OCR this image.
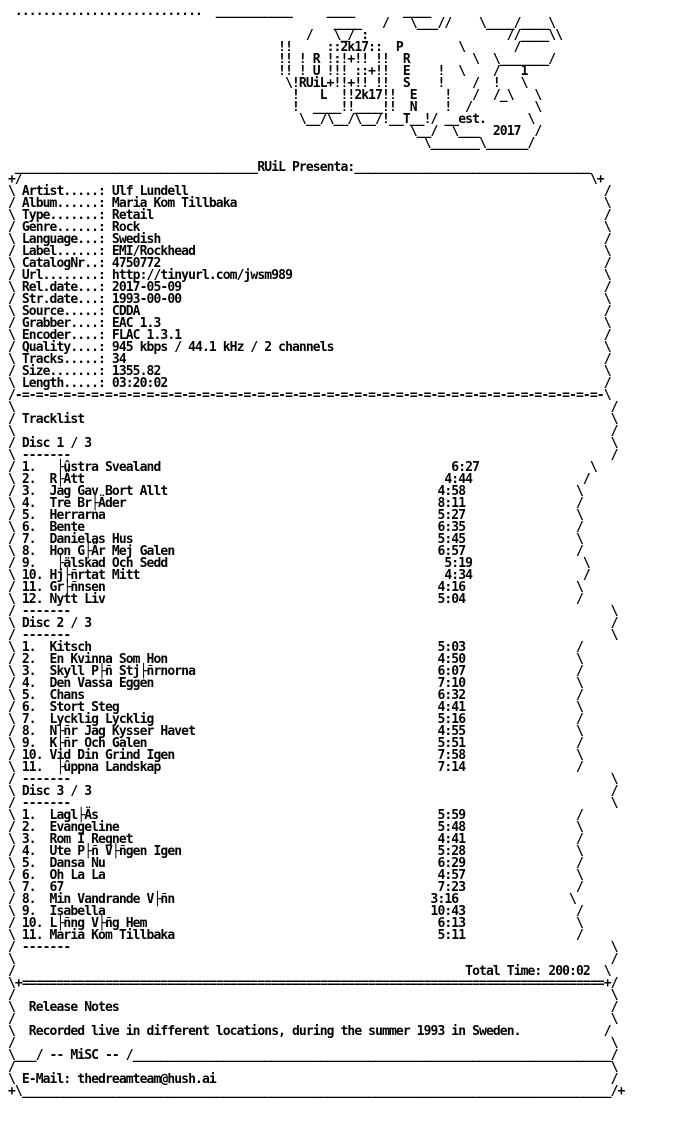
...........................  ___________     ____       ____
____   /   \___//    \____/____\
/   \_/ :                    //____\\
!!     ::2k17::  P        \       /
!! ! R !:!+!! !!  R         \  \_______/
!! ! U !!! ::+!!  E    !  \    /   1
\!RUiL+!!+!! !!  S    !    /  !   \
!   L  !!2k17!!  E    !   /  /_\   \
!  ____!!____!!  N    !  /         \
\__/\__/\__/!__T__!/ __est.      \
\__/  \___  2017  /
\_______\______/

___________________________________RUiL Presenta:__________________________________
+/                                                                                  \+
\ Artist.....: Ulf Lundell                                                            /
/ Album......: Maria Kom Tillbaka                                                     \
\ Type.......: Retail                                                                 /
/ Genre......: Rock                                                                   \
\ Language...: Swedish                                                                /
/ Label......: EMI/Rockhead                                                           \
\ CatalogNr..: 4750772                                                                /
/ Url........: http://tinyurl.com/jwsm989                                             \
\ Rel.date...: 2017-05-09                                                             /
/ Str.date...: 1993-00-00                                                             \
\ Source.....: CDDA                                                                   /
/ Grabber....: EAC 1.3                                                                \
\ Encoder....: FLAC 1.3.1                                                             /
/ Quality....: 945 kbps / 44.1 kHz / 2 channels                                       \
\ Tracks.....: 34                                                                     /
/ Size.......: 1355.82                                                                \
\ Length.....: 03:20:02                                                               /
/-=-=-=-=-=-=-=-=-=-=-=-=-=-=-=-=-=-=-=-=-=-=-=-=-=-=-=-=-=-=-=-=-=-=-=-=-=-=-=-=-=-=-\
\                                                                                      /
/ Tracklist                                                                            \
\                                                                                      /
/ Disc 1 / 3                                                                           \
\ -------                                                                              /
/ 1.   ├ûstra Svealand                                          6:27                \
\ 2.  R├Ätt                                                    4:44                /
/ 3.  Jag Gav Bort Allt                                       4:58                \
\ 4.  Tre Br├Äder                                             8:11                /
/ 5.  Herrarna                                                5:27                \
\ 6.  Bente                                                   6:35                /
/ 7.  Danielas Hus                                            5:45                \
\ 8.  Hon G├Är Mej Galen                                      6:57                /
/ 9.   ├älskad Och Sedd                                        5:19                \
\ 10. Hj├ñrtat Mitt                                            4:34                /
/ 11. Gr├ñnsen                                                4:16                \
\ 12. Nytt Liv                                                5:04                /
/ -------                                                                              \
\ Disc 2 / 3                                                                           /
/ -------                                                                              \
\ 1.  Kitsch                                                  5:03                /
/ 2.  En Kvinna Som Hon                                       4:50                \
\ 3.  Skyll P├ñ Stj├ñrnorna                                   6:07                /
/ 4.  Den Vassa Eggen                                         7:10                \
\ 5.  Chans                                                   6:32                /
/ 6.  Stort Steg                                              4:41                \
\ 7.  Lycklig Lycklig                                         5:16                /
/ 8.  N├ñr Jag Kysser Havet                                   4:55                \
\ 9.  K├ñr Och Galen                                          5:51                /
/ 10. Vid Din Grind Igen                                      7:58                \
\ 11.  ├ûppna Landskap                                        7:14                /
/ -------                                                                              \
\ Disc 3 / 3                                                                           /
/ -------                                                                              \
\ 1.  Lagl├Äs                                                 5:59                /
/ 2.  Evangeline                                              5:48                \
\ 3.  Rom I Regnet                                            4:41                /
/ 4.  Ute P├ñ V├ñgen Igen                                     5:28                \
\ 5.  Dansa Nu                                                6:29                /
/ 6.  Oh La La                                                4:57                \
\ 7.  67                                                      7:23                /
/ 8.  Min Vandrande V├ñn                                     3:16                \
\ 9.  Isabella                                               10:43                /
/ 10. L├ñng V├ñg Hem                                          6:13                \
\ 11. Maria Kom Tillbaka                                      5:11                /
/ -------                                                                              \
\                                                                                      /
/                                                                 Total Time: 200:02  \
\+====================================================================================+/
/                                                                                      \
\  Release Notes                                                                       /
/                                                                                      \
\  Recorded live in different locations, during the summer 1993 in Sweden.            /
/                                                                                      \
\___/ -- MiSC -- /_____________________________________________________________________/
/                                                                                      \
\ E-Mail: thedreamteam@hush.ai                                                         /
+\_____________________________________________________________________________________/+
